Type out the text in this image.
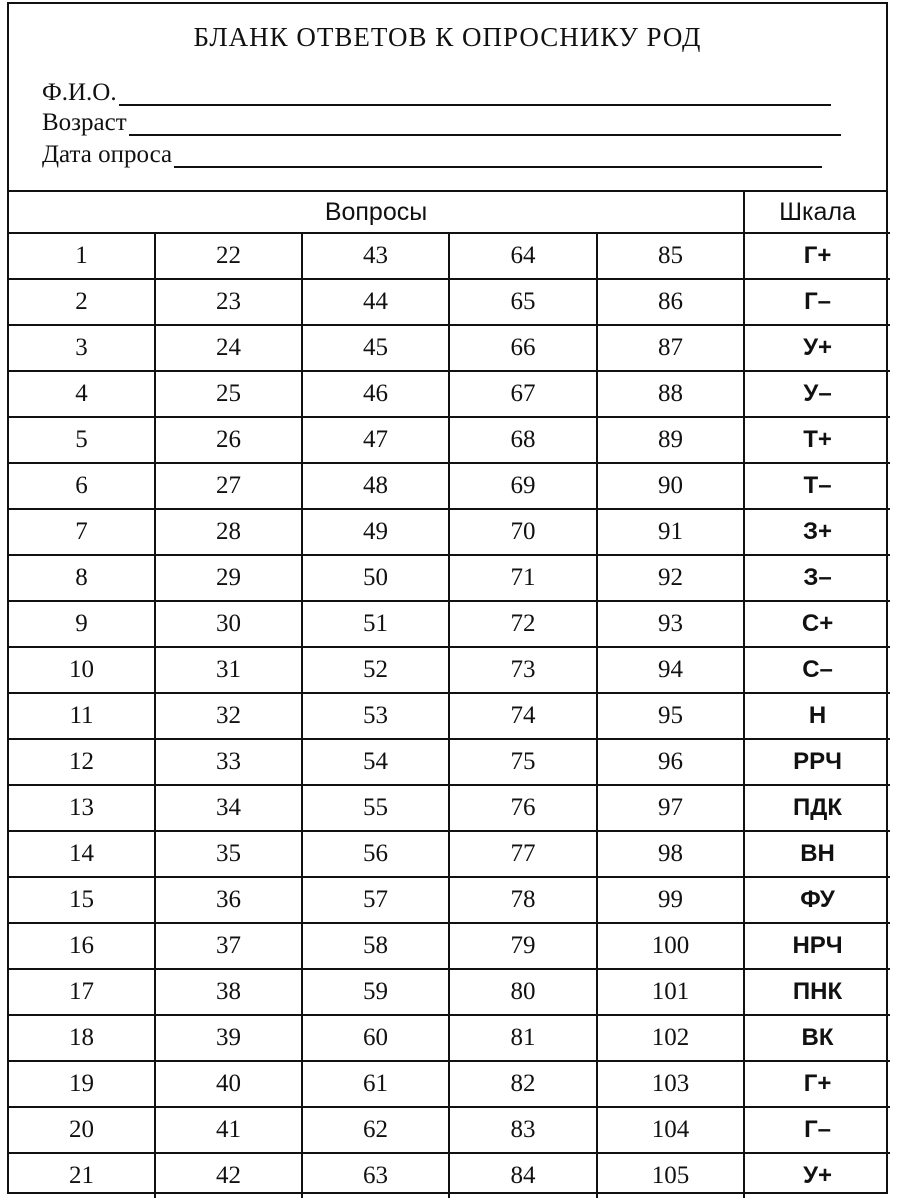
БЛАНК ОТВЕТОВ К ОПРОСНИКУ РОД
Ф.И.О.
Возраст
Дата опроса
Вопросы					Шкала
1	22	43	64	85	Г+
2	23	44	65	86	Г–
3	24	45	66	87	У+
4	25	46	67	88	У–
5	26	47	68	89	Т+
6	27	48	69	90	Т–
7	28	49	70	91	З+
8	29	50	71	92	З–
9	30	51	72	93	С+
10	31	52	73	94	С–
11	32	53	74	95	Н
12	33	54	75	96	РРЧ
13	34	55	76	97	ПДК
14	35	56	77	98	ВН
15	36	57	78	99	ФУ
16	37	58	79	100	НРЧ
17	38	59	80	101	ПНК
18	39	60	81	102	ВК
19	40	61	82	103	Г+
20	41	62	83	104	Г–
21	42	63	84	105	У+
